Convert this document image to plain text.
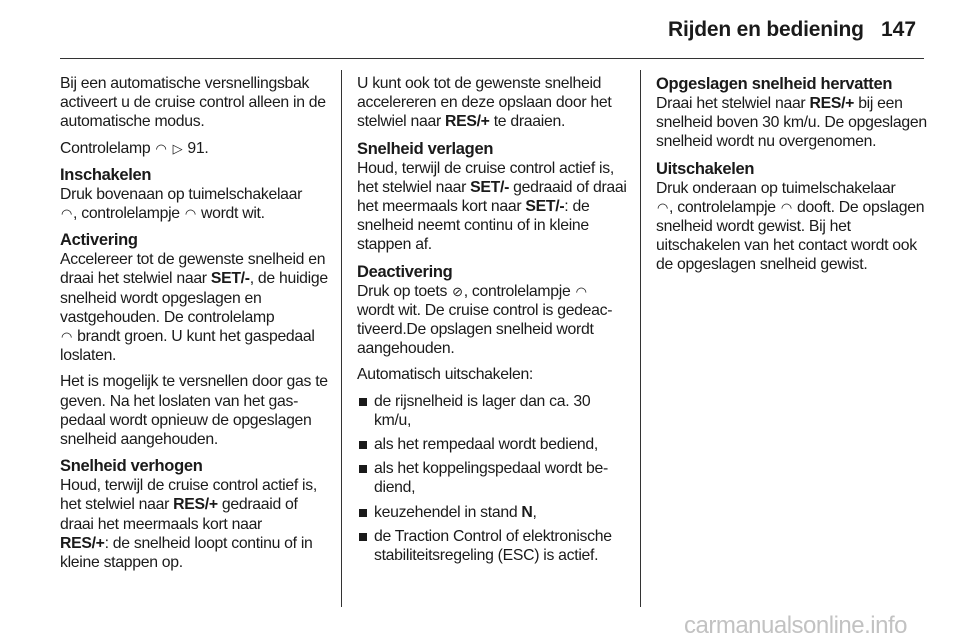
Rijden en bediening 147

Bij een automatische versnellingsbak activeert u de cruise control alleen in de automatische modus.

Controlelamp ◠ ▷ 91.

Inschakelen

Druk bovenaan op tuimelschakelaar
◠, controlelampje ◠ wordt wit.

Activering

Accelereer tot de gewenste snelheid en draai het stelwiel naar SET/-, de huidige snelheid wordt opgeslagen en vastgehouden. De controlelamp
◠ brandt groen. U kunt het gaspedaal loslaten.

Het is mogelijk te versnellen door gas te geven. Na het loslaten van het gaspedaal wordt opnieuw de opgeslagen snelheid aangehouden.

Snelheid verhogen

Houd, terwijl de cruise control actief is, het stelwiel naar RES/+ gedraaid of draai het meermaals kort naar
RES/+: de snelheid loopt continu of in kleine stappen op.

U kunt ook tot de gewenste snelheid accelereren en deze opslaan door het stelwiel naar RES/+ te draaien.

Snelheid verlagen

Houd, terwijl de cruise control actief is, het stelwiel naar SET/- gedraaid of draai het meermaals kort naar SET/-: de snelheid neemt continu of in kleine stappen af.

Deactivering

Druk op toets ⊘, controlelampje ◠
wordt wit. De cruise control is gedeactiveerd.De opslagen snelheid wordt aangehouden.

Automatisch uitschakelen:

de rijsnelheid is lager dan ca. 30 km/u,
als het rempedaal wordt bediend,
als het koppelingspedaal wordt bediend,
keuzehendel in stand N,
de Traction Control of elektronische stabiliteitsregeling (ESC) is actief.

Opgeslagen snelheid hervatten

Draai het stelwiel naar RES/+ bij een snelheid boven 30 km/u. De opgeslagen snelheid wordt nu overgenomen.

Uitschakelen

Druk onderaan op tuimelschakelaar
◠, controlelampje ◠ dooft. De opslagen snelheid wordt gewist. Bij het uitschakelen van het contact wordt ook de opgeslagen snelheid gewist.

carmanualsonline.info
